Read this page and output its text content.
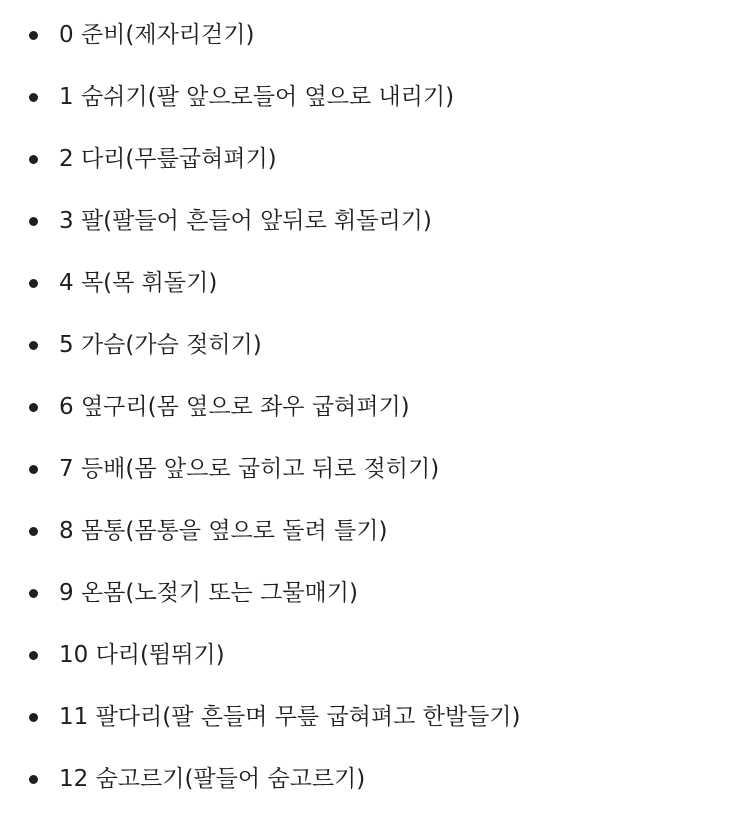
0 준비(제자리걷기)
1 숨쉬기(팔 앞으로들어 옆으로 내리기)
2 다리(무릎굽혀펴기)
3 팔(팔들어 흔들어 앞뒤로 휘돌리기)
4 목(목 휘돌기)
5 가슴(가슴 젖히기)
6 옆구리(몸 옆으로 좌우 굽혀펴기)
7 등배(몸 앞으로 굽히고 뒤로 젖히기)
8 몸통(몸통을 옆으로 돌려 틀기)
9 온몸(노젖기 또는 그물매기)
10 다리(뜀뛰기)
11 팔다리(팔 흔들며 무릎 굽혀펴고 한발들기)
12 숨고르기(팔들어 숨고르기)
